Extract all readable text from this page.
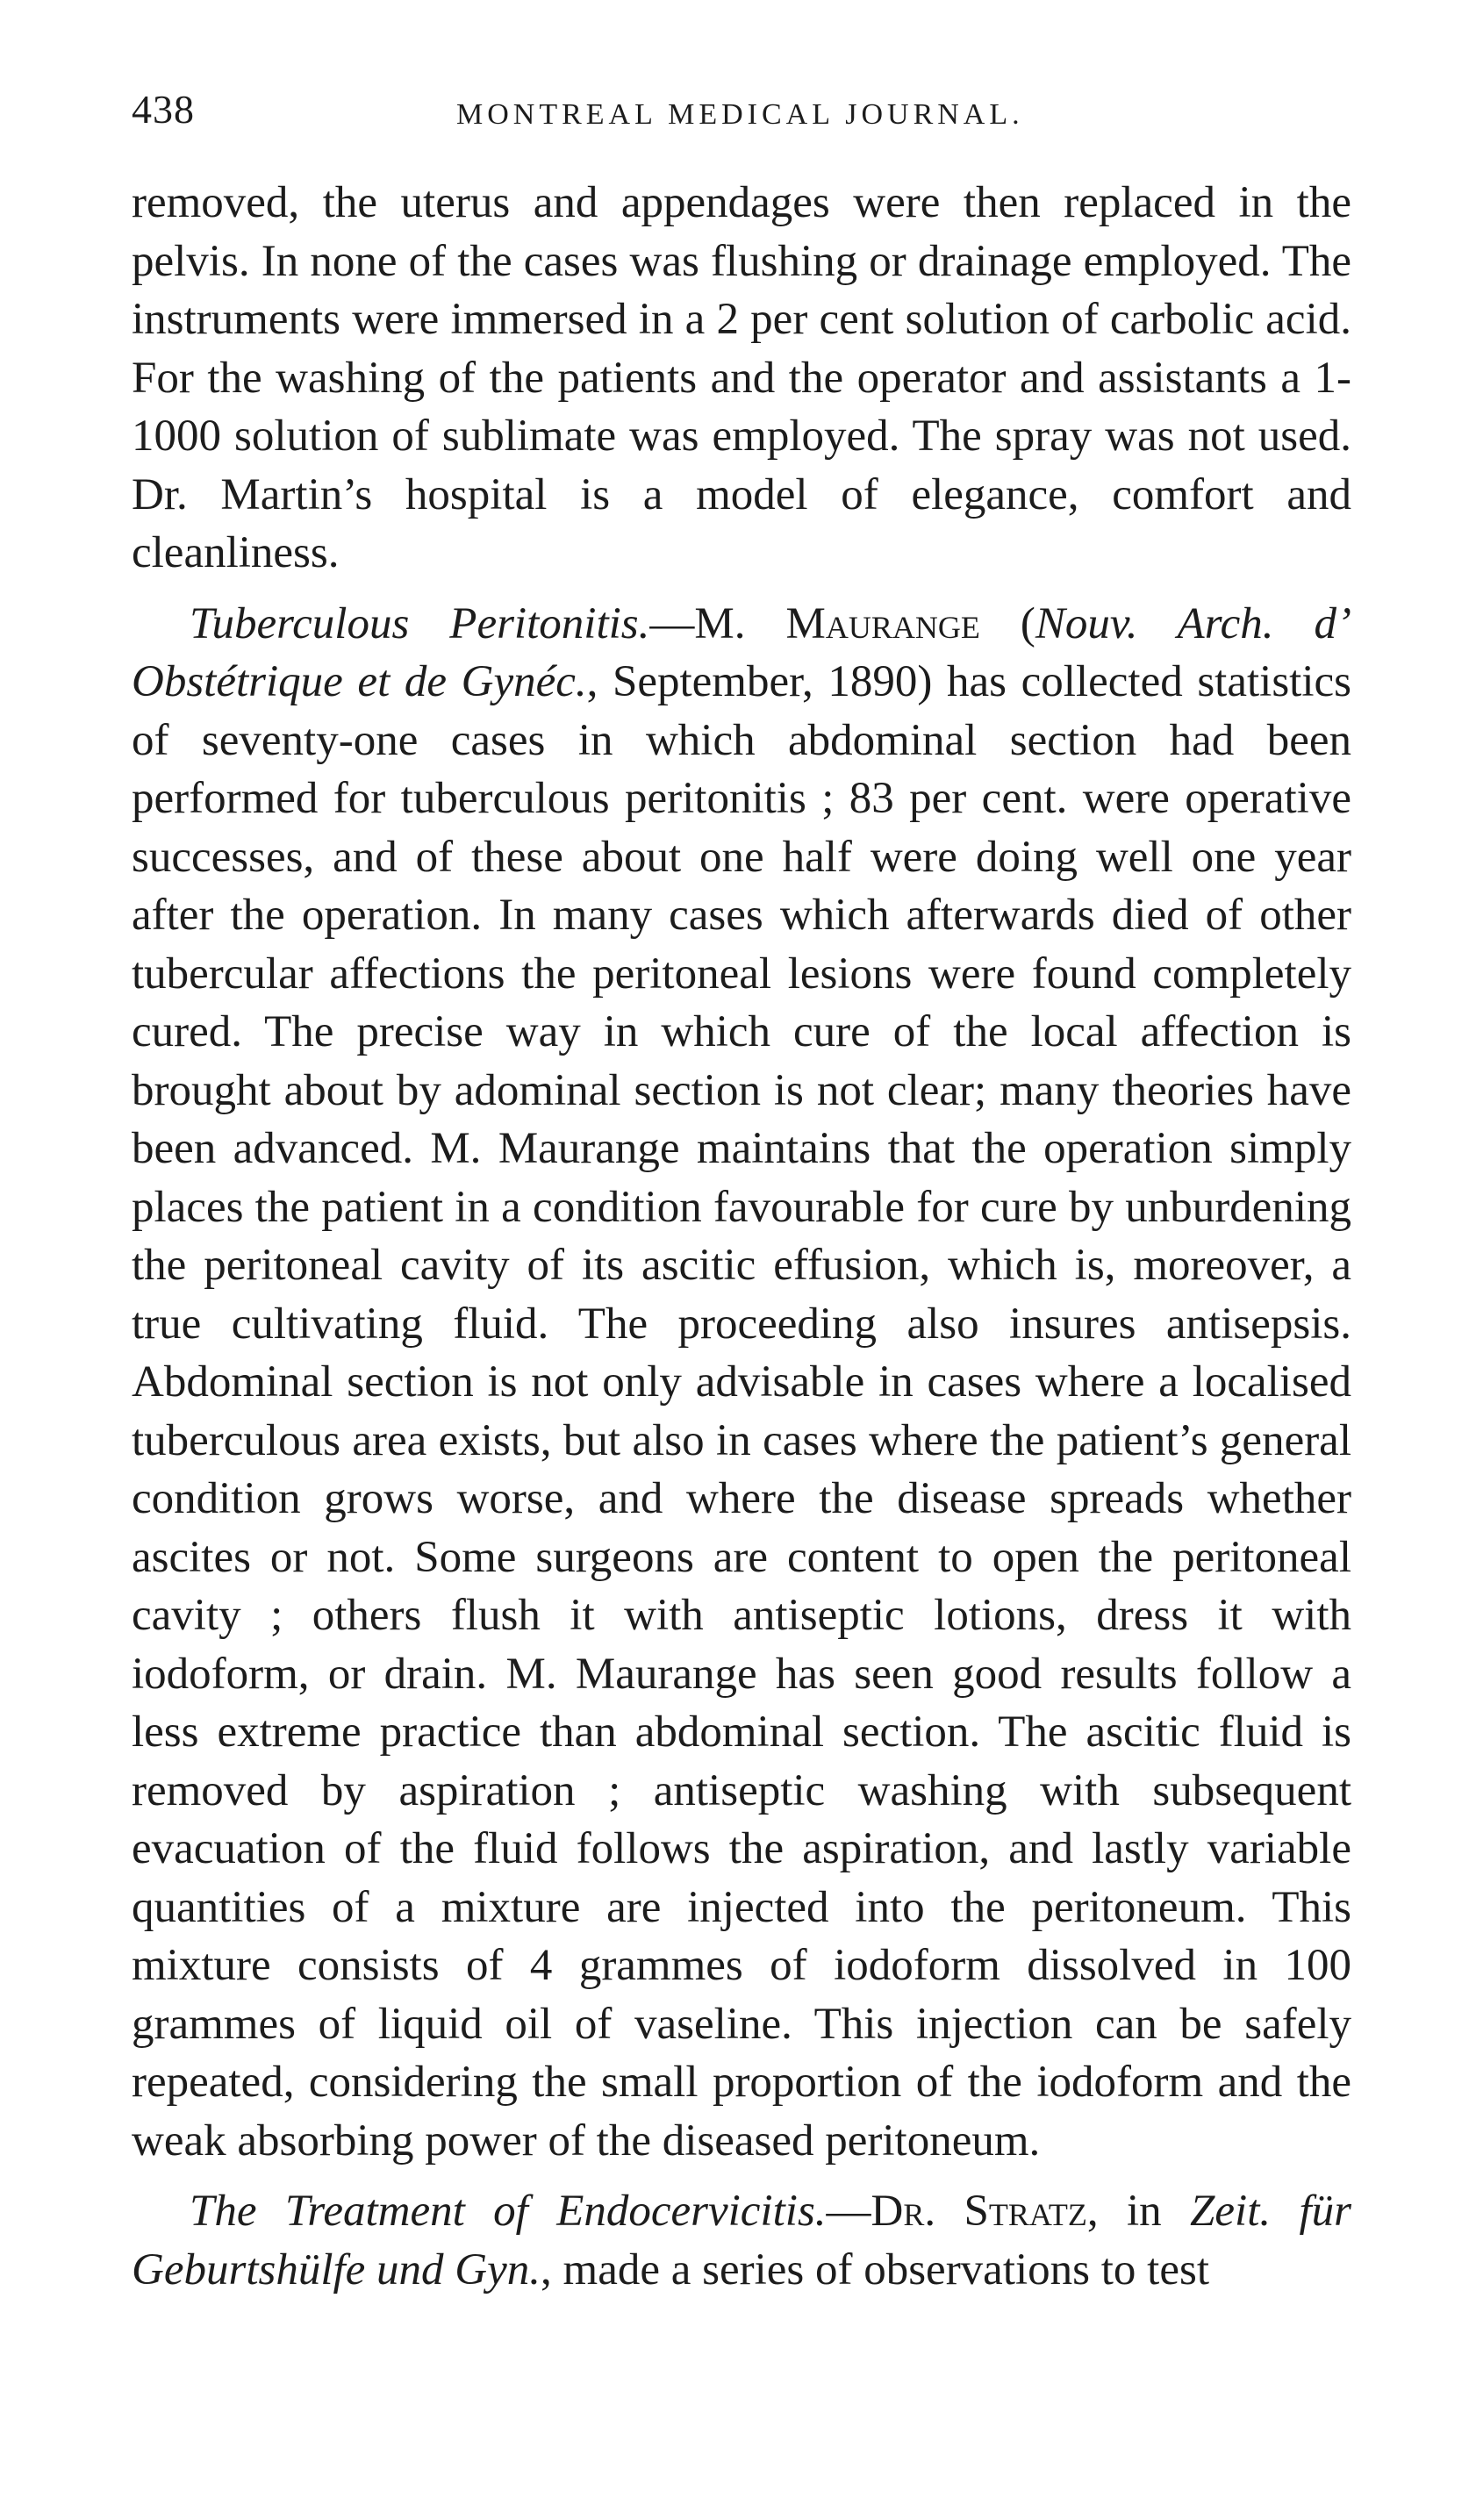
438	MONTREAL MEDICAL JOURNAL.

removed, the uterus and appendages were then replaced in the pelvis. In none of the cases was flushing or drainage employed. The instruments were immersed in a 2 per cent solution of carbolic acid. For the washing of the patients and the operator and assistants a 1-1000 solution of sublimate was employed. The spray was not used. Dr. Martin’s hospital is a model of elegance, comfort and cleanliness.

Tuberculous Peritonitis.—M. Maurange (Nouv. Arch. d’ Obstétrique et de Gynéc., September, 1890) has collected statistics of seventy-one cases in which abdominal section had been performed for tuberculous peritonitis ; 83 per cent. were operative successes, and of these about one half were doing well one year after the operation. In many cases which afterwards died of other tubercular affections the peritoneal lesions were found completely cured. The precise way in which cure of the local affection is brought about by adominal section is not clear; many theories have been advanced. M. Maurange maintains that the operation simply places the patient in a condition favourable for cure by unburdening the peritoneal cavity of its ascitic effusion, which is, moreover, a true cultivating fluid. The proceeding also insures antisepsis. Abdominal section is not only advisable in cases where a localised tuberculous area exists, but also in cases where the patient’s general condition grows worse, and where the disease spreads whether ascites or not. Some surgeons are content to open the peritoneal cavity ; others flush it with antiseptic lotions, dress it with iodoform, or drain. M. Maurange has seen good results follow a less extreme practice than abdominal section. The ascitic fluid is removed by aspiration ; antiseptic washing with subsequent evacuation of the fluid follows the aspiration, and lastly variable quantities of a mixture are injected into the peritoneum. This mixture consists of 4 grammes of iodoform dissolved in 100 grammes of liquid oil of vaseline. This injection can be safely repeated, considering the small proportion of the iodoform and the weak absorbing power of the diseased peritoneum.

The Treatment of Endocervicitis.—Dr. Stratz, in Zeit. für Geburtshülfe und Gyn., made a series of observations to test
